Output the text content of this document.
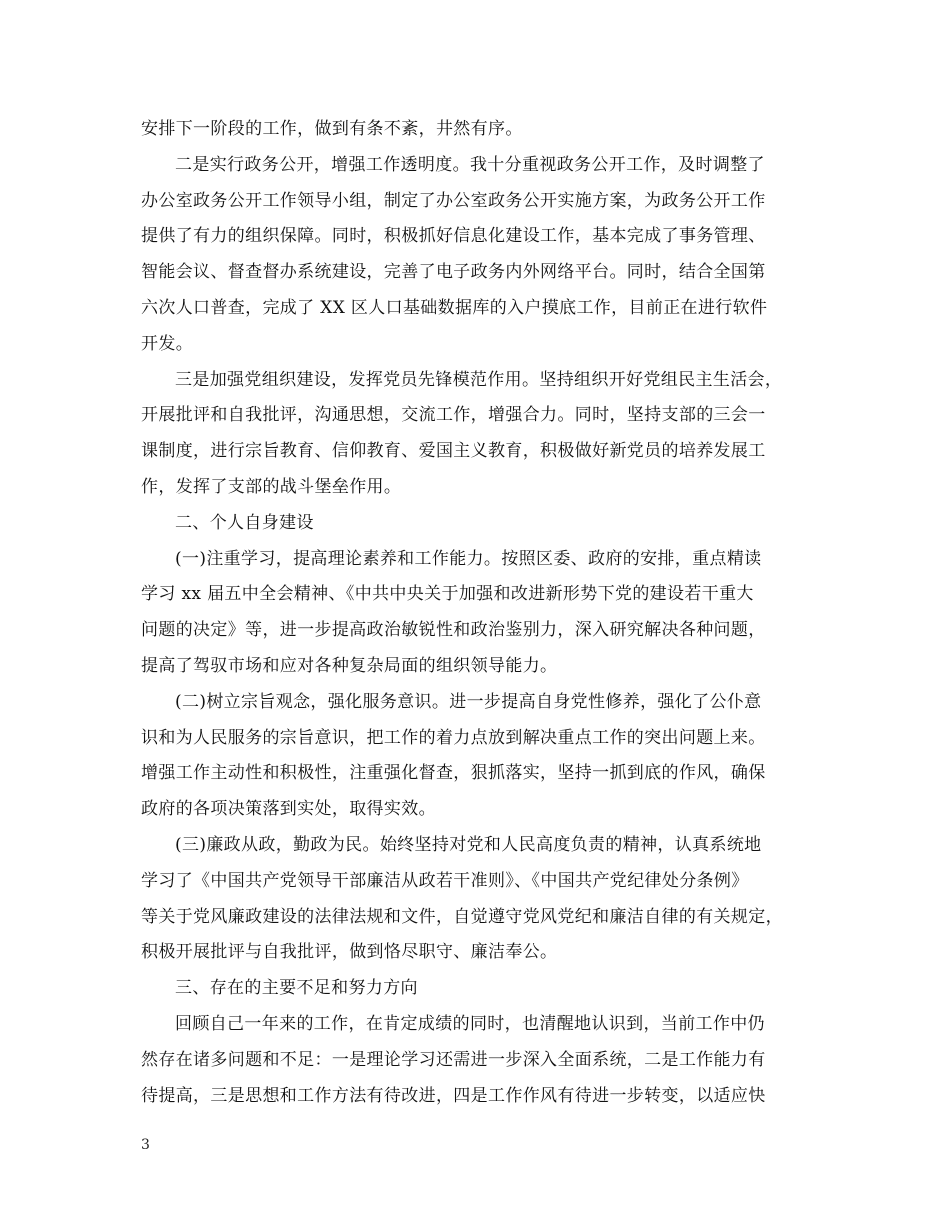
安排下一阶段的工作，做到有条不紊，井然有序。
二是实行政务公开，增强工作透明度。我十分重视政务公开工作，及时调整了
办公室政务公开工作领导小组，制定了办公室政务公开实施方案，为政务公开工作
提供了有力的组织保障。同时，积极抓好信息化建设工作，基本完成了事务管理、
智能会议、督查督办系统建设，完善了电子政务内外网络平台。同时，结合全国第
六次人口普查，完成了 XX 区人口基础数据库的入户摸底工作，目前正在进行软件
开发。
三是加强党组织建设，发挥党员先锋模范作用。坚持组织开好党组民主生活会，
开展批评和自我批评，沟通思想，交流工作，增强合力。同时，坚持支部的三会一
课制度，进行宗旨教育、信仰教育、爱国主义教育，积极做好新党员的培养发展工
作，发挥了支部的战斗堡垒作用。
二、个人自身建设
(一)注重学习，提高理论素养和工作能力。按照区委、政府的安排，重点精读
学习 xx 届五中全会精神、《中共中央关于加强和改进新形势下党的建设若干重大
问题的决定》等，进一步提高政治敏锐性和政治鉴别力，深入研究解决各种问题，
提高了驾驭市场和应对各种复杂局面的组织领导能力。
(二)树立宗旨观念，强化服务意识。进一步提高自身党性修养，强化了公仆意
识和为人民服务的宗旨意识，把工作的着力点放到解决重点工作的突出问题上来。
增强工作主动性和积极性，注重强化督查，狠抓落实，坚持一抓到底的作风，确保
政府的各项决策落到实处，取得实效。
(三)廉政从政，勤政为民。始终坚持对党和人民高度负责的精神，认真系统地
学习了《中国共产党领导干部廉洁从政若干准则》、《中国共产党纪律处分条例》
等关于党风廉政建设的法律法规和文件，自觉遵守党风党纪和廉洁自律的有关规定，
积极开展批评与自我批评，做到恪尽职守、廉洁奉公。
三、存在的主要不足和努力方向
回顾自己一年来的工作，在肯定成绩的同时，也清醒地认识到，当前工作中仍
然存在诸多问题和不足：一是理论学习还需进一步深入全面系统，二是工作能力有
待提高，三是思想和工作方法有待改进，四是工作作风有待进一步转变，以适应快
3
